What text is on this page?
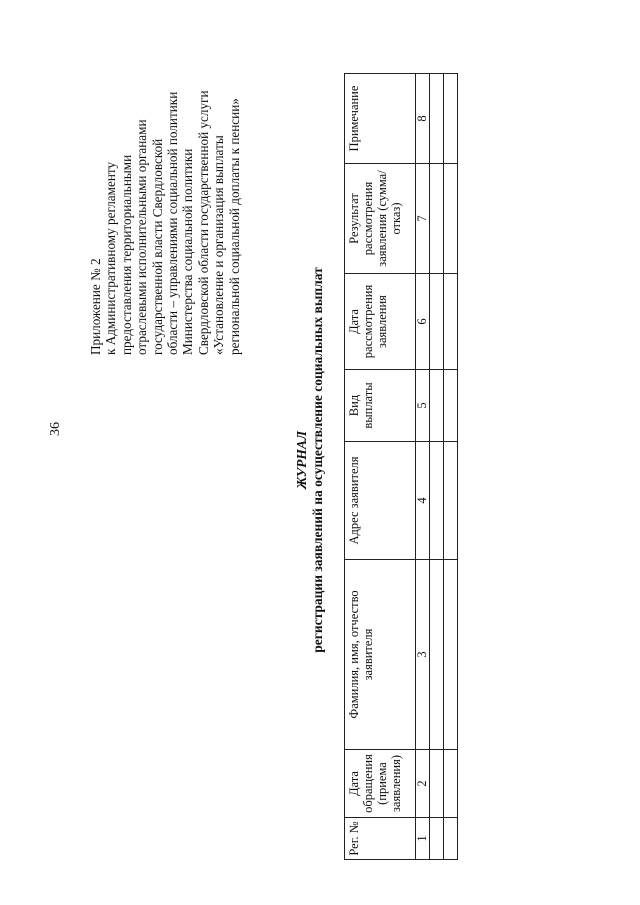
36
Приложение № 2 к Административному регламенту предоставления территориальными отраслевыми исполнительными органами государственной власти Свердловской области – управлениями социальной политики Министерства социальной политики Свердловской области государственной услуги «Установление и организация выплаты региональной социальной доплаты к пенсии»
ЖУРНАЛ регистрации заявлений на осуществление социальных выплат
Рег. №	Дата обращения (приема заявления)	Фамилия, имя, отчество заявителя	Адрес заявителя	Вид выплаты	Дата рассмотрения заявления	Результат рассмотрения заявления (сумма/отказ)	Примечание
1	2	3	4	5	6	7	8
